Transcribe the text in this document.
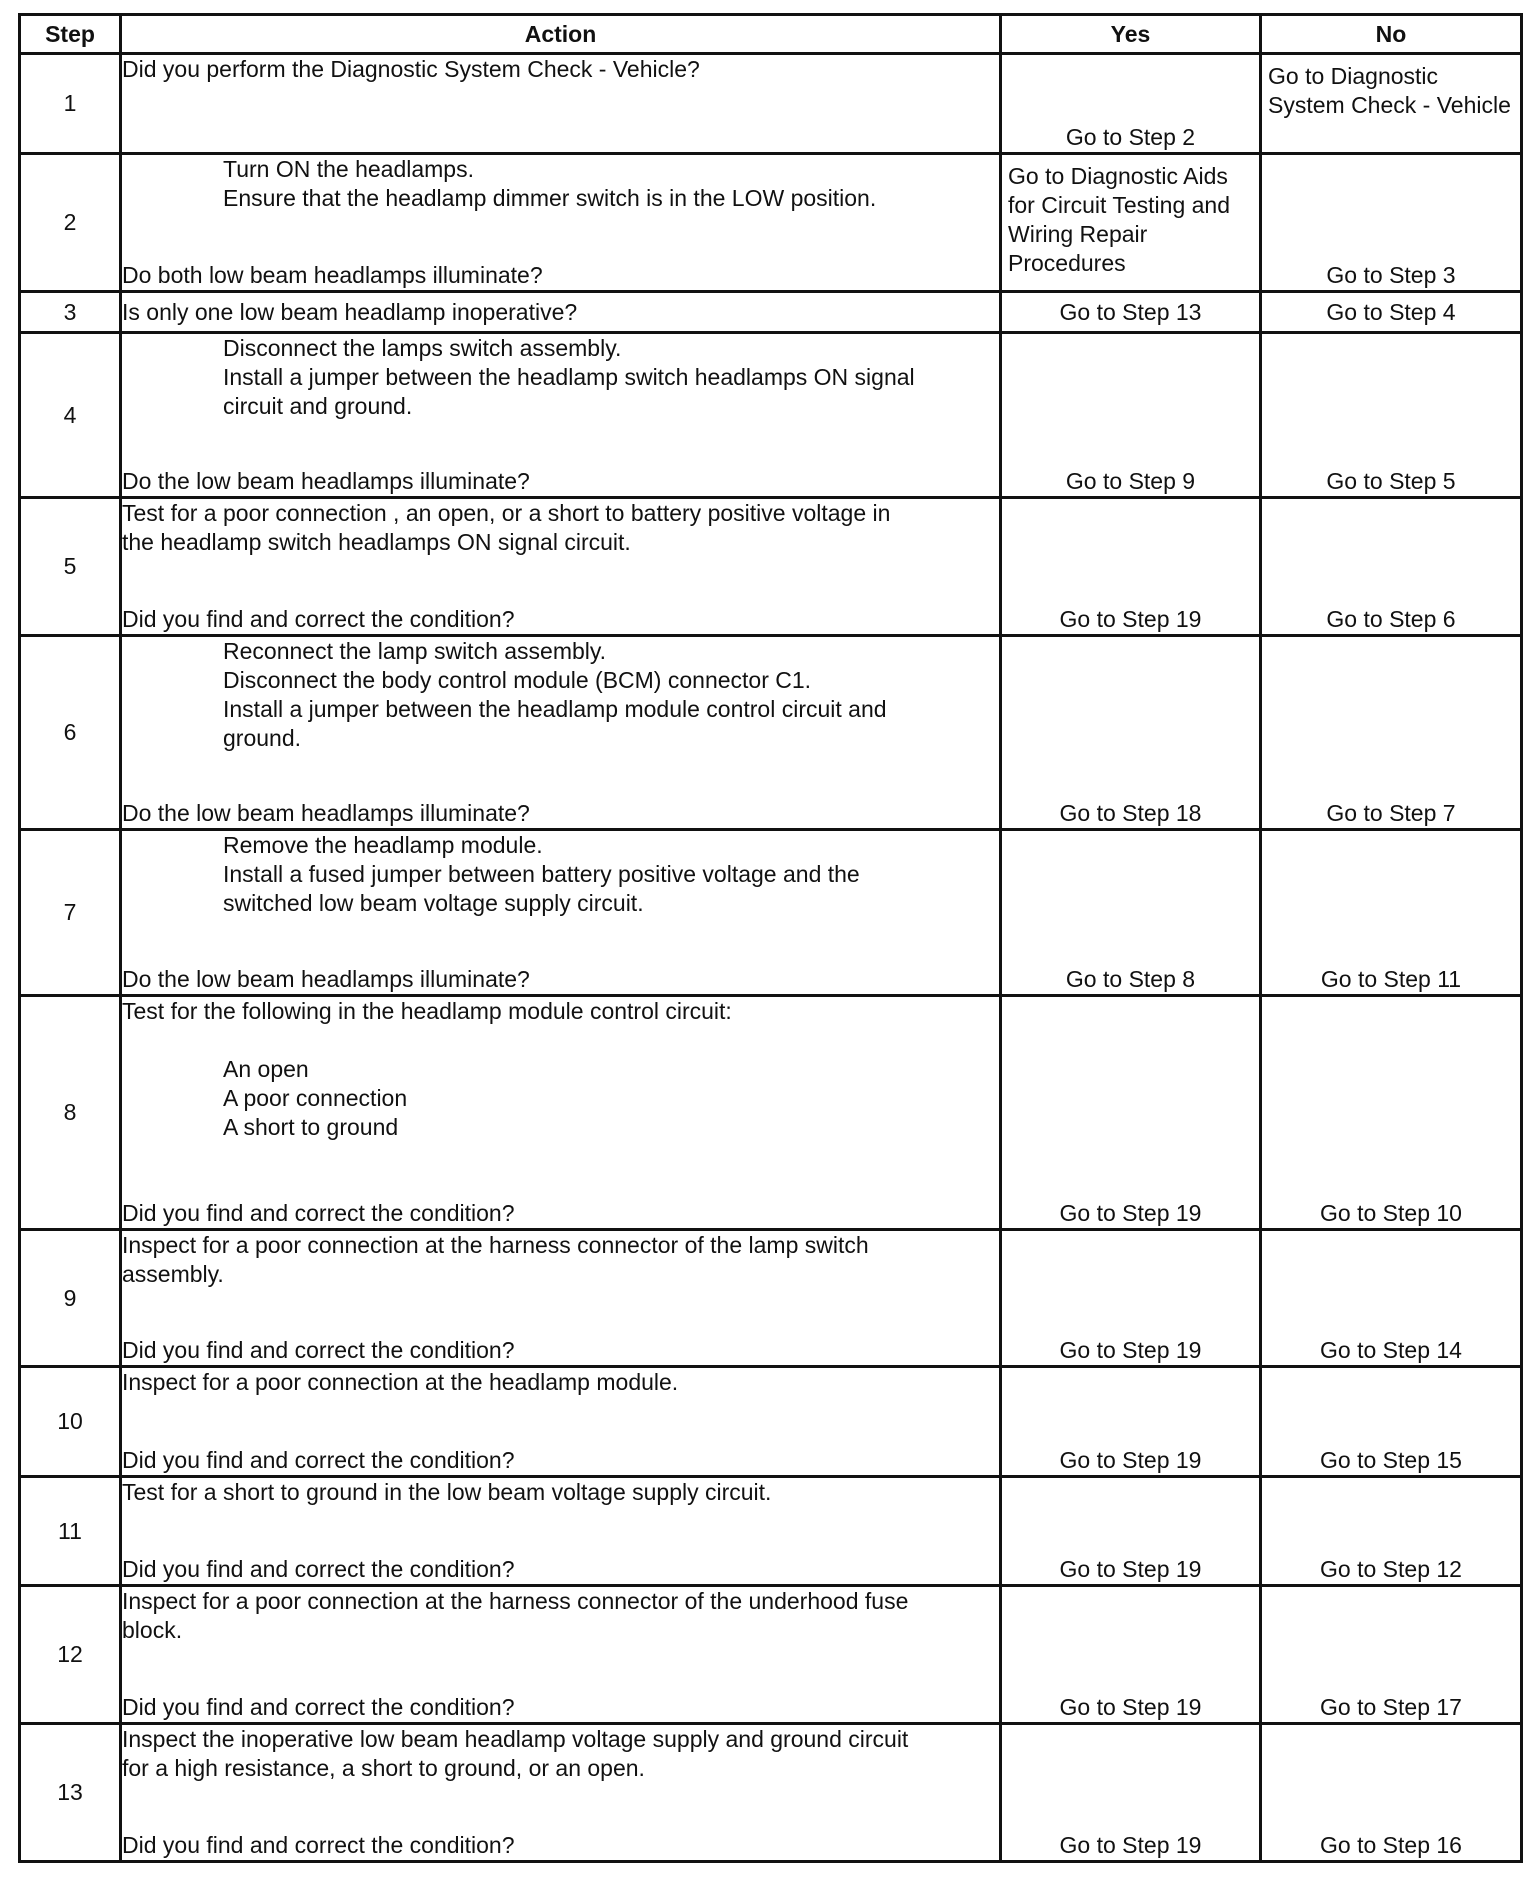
Step	Action	Yes	No
1	Did you perform the Diagnostic System Check - Vehicle?	Go to Step 2	Go to Diagnostic System Check - Vehicle
2	Turn ON the headlamps.
Ensure that the headlamp dimmer switch is in the LOW position.
Do both low beam headlamps illuminate?	Go to Diagnostic Aids for Circuit Testing and Wiring Repair Procedures	Go to Step 3
3	Is only one low beam headlamp inoperative?	Go to Step 13	Go to Step 4
4	Disconnect the lamps switch assembly.
Install a jumper between the headlamp switch headlamps ON signal
circuit and ground.
Do the low beam headlamps illuminate?	Go to Step 9	Go to Step 5
5	Test for a poor connection , an open, or a short to battery positive voltage in
the headlamp switch headlamps ON signal circuit.
Did you find and correct the condition?	Go to Step 19	Go to Step 6
6	Reconnect the lamp switch assembly.
Disconnect the body control module (BCM) connector C1.
Install a jumper between the headlamp module control circuit and
ground.
Do the low beam headlamps illuminate?	Go to Step 18	Go to Step 7
7	Remove the headlamp module.
Install a fused jumper between battery positive voltage and the
switched low beam voltage supply circuit.
Do the low beam headlamps illuminate?	Go to Step 8	Go to Step 11
8	Test for the following in the headlamp module control circuit:
An open
A poor connection
A short to ground
Did you find and correct the condition?	Go to Step 19	Go to Step 10
9	Inspect for a poor connection at the harness connector of the lamp switch
assembly.
Did you find and correct the condition?	Go to Step 19	Go to Step 14
10	Inspect for a poor connection at the headlamp module.
Did you find and correct the condition?	Go to Step 19	Go to Step 15
11	Test for a short to ground in the low beam voltage supply circuit.
Did you find and correct the condition?	Go to Step 19	Go to Step 12
12	Inspect for a poor connection at the harness connector of the underhood fuse
block.
Did you find and correct the condition?	Go to Step 19	Go to Step 17
13	Inspect the inoperative low beam headlamp voltage supply and ground circuit
for a high resistance, a short to ground, or an open.
Did you find and correct the condition?	Go to Step 19	Go to Step 16
